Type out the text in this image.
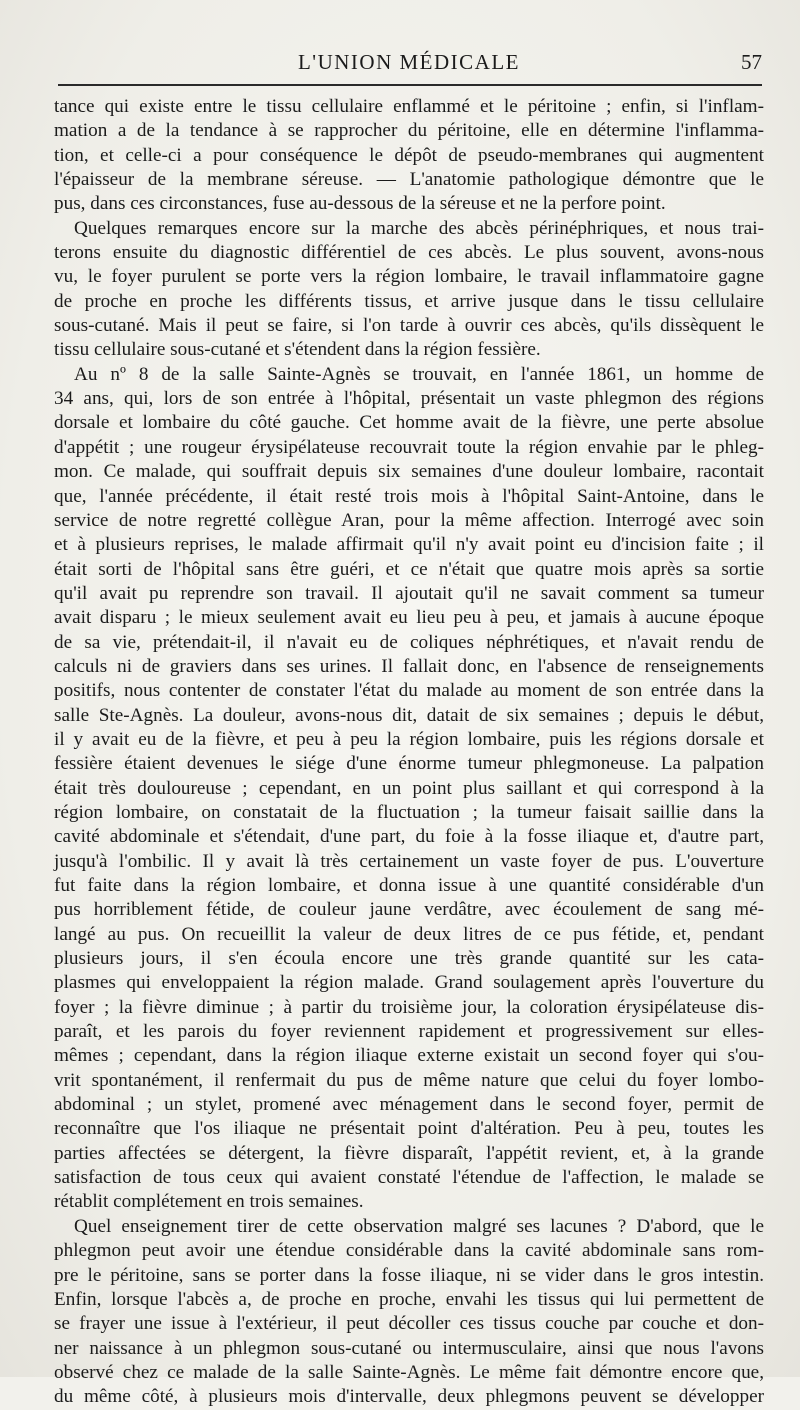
L'UNION MÉDICALE	57
tance qui existe entre le tissu cellulaire enflammé et le péritoine ; enfin, si l'inflam-
mation a de la tendance à se rapprocher du péritoine, elle en détermine l'inflamma-
tion, et celle-ci a pour conséquence le dépôt de pseudo-membranes qui augmentent
l'épaisseur de la membrane séreuse. — L'anatomie pathologique démontre que le
pus, dans ces circonstances, fuse au-dessous de la séreuse et ne la perfore point.
Quelques remarques encore sur la marche des abcès périnéphriques, et nous trai-
terons ensuite du diagnostic différentiel de ces abcès. Le plus souvent, avons-nous
vu, le foyer purulent se porte vers la région lombaire, le travail inflammatoire gagne
de proche en proche les différents tissus, et arrive jusque dans le tissu cellulaire
sous-cutané. Mais il peut se faire, si l'on tarde à ouvrir ces abcès, qu'ils dissèquent le
tissu cellulaire sous-cutané et s'étendent dans la région fessière.
Au nº 8 de la salle Sainte-Agnès se trouvait, en l'année 1861, un homme de
34 ans, qui, lors de son entrée à l'hôpital, présentait un vaste phlegmon des régions
dorsale et lombaire du côté gauche. Cet homme avait de la fièvre, une perte absolue
d'appétit ; une rougeur érysipélateuse recouvrait toute la région envahie par le phleg-
mon. Ce malade, qui souffrait depuis six semaines d'une douleur lombaire, racontait
que, l'année précédente, il était resté trois mois à l'hôpital Saint-Antoine, dans le
service de notre regretté collègue Aran, pour la même affection. Interrogé avec soin
et à plusieurs reprises, le malade affirmait qu'il n'y avait point eu d'incision faite ; il
était sorti de l'hôpital sans être guéri, et ce n'était que quatre mois après sa sortie
qu'il avait pu reprendre son travail. Il ajoutait qu'il ne savait comment sa tumeur
avait disparu ; le mieux seulement avait eu lieu peu à peu, et jamais à aucune époque
de sa vie, prétendait-il, il n'avait eu de coliques néphrétiques, et n'avait rendu de
calculs ni de graviers dans ses urines. Il fallait donc, en l'absence de renseignements
positifs, nous contenter de constater l'état du malade au moment de son entrée dans la
salle Ste-Agnès. La douleur, avons-nous dit, datait de six semaines ; depuis le début,
il y avait eu de la fièvre, et peu à peu la région lombaire, puis les régions dorsale et
fessière étaient devenues le siége d'une énorme tumeur phlegmoneuse. La palpation
était très douloureuse ; cependant, en un point plus saillant et qui correspond à la
région lombaire, on constatait de la fluctuation ; la tumeur faisait saillie dans la
cavité abdominale et s'étendait, d'une part, du foie à la fosse iliaque et, d'autre part,
jusqu'à l'ombilic. Il y avait là très certainement un vaste foyer de pus. L'ouverture
fut faite dans la région lombaire, et donna issue à une quantité considérable d'un
pus horriblement fétide, de couleur jaune verdâtre, avec écoulement de sang mé-
langé au pus. On recueillit la valeur de deux litres de ce pus fétide, et, pendant
plusieurs jours, il s'en écoula encore une très grande quantité sur les cata-
plasmes qui enveloppaient la région malade. Grand soulagement après l'ouverture du
foyer ; la fièvre diminue ; à partir du troisième jour, la coloration érysipélateuse dis-
paraît, et les parois du foyer reviennent rapidement et progressivement sur elles-
mêmes ; cependant, dans la région iliaque externe existait un second foyer qui s'ou-
vrit spontanément, il renfermait du pus de même nature que celui du foyer lombo-
abdominal ; un stylet, promené avec ménagement dans le second foyer, permit de
reconnaître que l'os iliaque ne présentait point d'altération. Peu à peu, toutes les
parties affectées se détergent, la fièvre disparaît, l'appétit revient, et, à la grande
satisfaction de tous ceux qui avaient constaté l'étendue de l'affection, le malade se
rétablit complétement en trois semaines.
Quel enseignement tirer de cette observation malgré ses lacunes ? D'abord, que le
phlegmon peut avoir une étendue considérable dans la cavité abdominale sans rom-
pre le péritoine, sans se porter dans la fosse iliaque, ni se vider dans le gros intestin.
Enfin, lorsque l'abcès a, de proche en proche, envahi les tissus qui lui permettent de
se frayer une issue à l'extérieur, il peut décoller ces tissus couche par couche et don-
ner naissance à un phlegmon sous-cutané ou intermusculaire, ainsi que nous l'avons
observé chez ce malade de la salle Sainte-Agnès. Le même fait démontre encore que,
du même côté, à plusieurs mois d'intervalle, deux phlegmons peuvent se développer
